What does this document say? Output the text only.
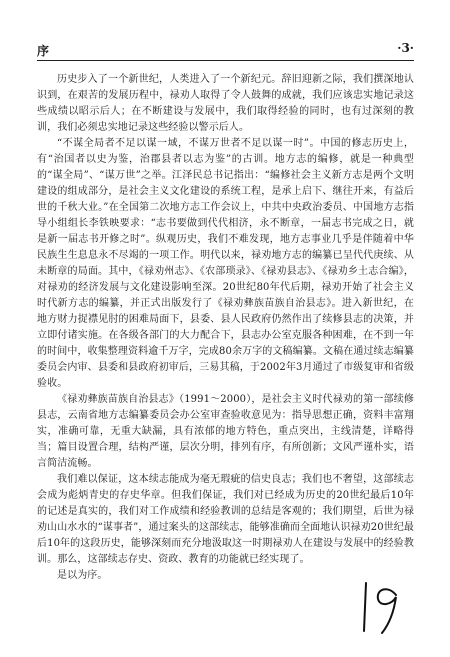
序	·3·

历史步入了一个新世纪，人类进入了一个新纪元。辞旧迎新之际，我们撰深地认识到，在艰苦的发展历程中，禄劝人取得了令人鼓舞的成就，我们应该忠实地记录这些成绩以昭示后人；在不断建设与发展中，我们取得经验的同时，也有过深刻的教训，我们必须忠实地记录这些经验以警示后人。

“不谋全局者不足以谋一域，不谋万世者不足以谋一时”。中国的修志历史上，有“治国者以史为鉴，治郡县者以志为鉴”的古训。地方志的编修，就是一种典型的“谋全局”、“谋万世”之举。江泽民总书记指出：“编修社会主义新方志是两个文明建设的组成部分，是社会主义文化建设的系统工程，是承上启下、继往开来，有益后世的千秋大业。”在全国第二次地方志工作会议上，中共中央政治委员、中国地方志指导小组组长李铁映要求：“志书要做到代代相济，永不断章，一届志书完成之日，就是新一届志书开修之时”。纵观历史，我们不难发现，地方志事业几乎是伴随着中华民族生生息息永不尽竭的一项工作。明代以来，禄劝地方志的编纂已呈代代庚续、从未断章的局面。其中，《禄劝州志》、《农部琐录》、《禄劝县志》、《禄劝乡土志合编》，对禄劝的经济发展与文化建设影响至深。20世纪80年代后期，禄劝开始了社会主义时代新方志的编纂，并正式出版发行了《禄劝彝族苗族自治县志》。进入新世纪，在地方财力捉襟见肘的困难局面下，县委、县人民政府仍然作出了续修县志的决策，并立即付诸实施。在各级各部门的大力配合下，县志办公室克服各种困难，在不到一年的时间中，收集整理资料逾千万字，完成80余万字的文稿编纂。文稿在通过续志编纂委员会内审、县委和县政府初审后，三易其稿，于2002年3月通过了市级复审和省级验收。

《禄劝彝族苗族自治县志》（1991～2000），是社会主义时代禄劝的第一部续修县志，云南省地方志编纂委员会办公室审查验收意见为：指导思想正确，资料丰富翔实，准确可靠，无重大缺漏，具有浓郁的地方特色，重点突出，主线清楚，详略得当；篇目设置合理，结构严谨，层次分明，排列有序，有所创新；文风严谨朴实，语言简洁流畅。

我们难以保证，这本续志能成为毫无瑕疵的信史良志；我们也不奢望，这部续志会成为彪炳青史的存史华章。但我们保证，我们对已经成为历史的20世纪最后10年的记述是真实的，我们对工作成绩和经验教训的总结是客观的；我们期望，后世为禄劝山山水水的“谋事者”，通过案头的这部续志，能够准确而全面地认识禄劝20世纪最后10年的这段历史，能够深刻而充分地汲取这一时期禄劝人在建设与发展中的经验教训。那么，这部续志存史、资政、教育的功能就已经实现了。

是以为序。
